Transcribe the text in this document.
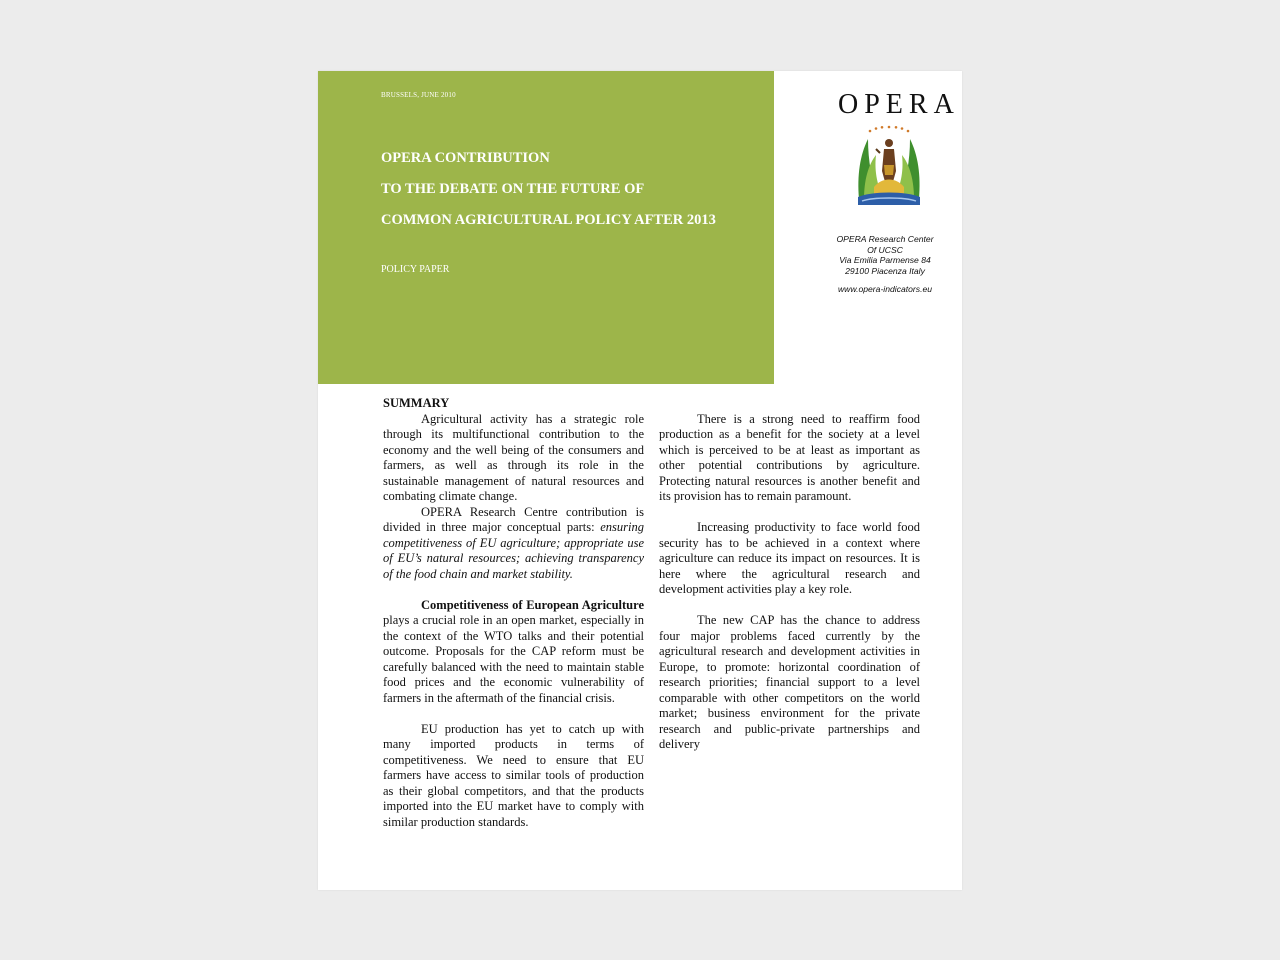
BRUSSELS, JUNE 2010
OPERA CONTRIBUTION
TO THE DEBATE ON THE FUTURE OF
COMMON AGRICULTURAL POLICY AFTER 2013
POLICY PAPER
OPERA
OPERA Research Center
Of UCSC
Via Emilia Parmense 84
29100 Piacenza Italy
www.opera-indicators.eu

SUMMARY

Agricultural activity has a strategic role through its multifunctional contribution to the economy and the well being of the consumers and farmers, as well as through its role in the sustainable management of natural resources and combating climate change.

OPERA Research Centre contribution is divided in three major conceptual parts: ensuring competitiveness of EU agriculture; appropriate use of EU’s natural resources; achieving transparency of the food chain and market stability.

Competitiveness of European Agriculture plays a crucial role in an open market, especially in the context of the WTO talks and their potential outcome. Proposals for the CAP reform must be carefully balanced with the need to maintain stable food prices and the economic vulnerability of farmers in the aftermath of the financial crisis.

EU production has yet to catch up with many imported products in terms of competitiveness. We need to ensure that EU farmers have access to similar tools of production as their global competitors, and that the products imported into the EU market have to comply with similar production standards.

There is a strong need to reaffirm food production as a benefit for the society at a level which is perceived to be at least as important as other potential contributions by agriculture. Protecting natural resources is another benefit and its provision has to remain paramount.

Increasing productivity to face world food security has to be achieved in a context where agriculture can reduce its impact on resources. It is here where the agricultural research and development activities play a key role.

The new CAP has the chance to address four major problems faced currently by the agricultural research and development activities in Europe, to promote: horizontal coordination of research priorities; financial support to a level comparable with other competitors on the world market; business environment for the private research and public-private partnerships and delivery
